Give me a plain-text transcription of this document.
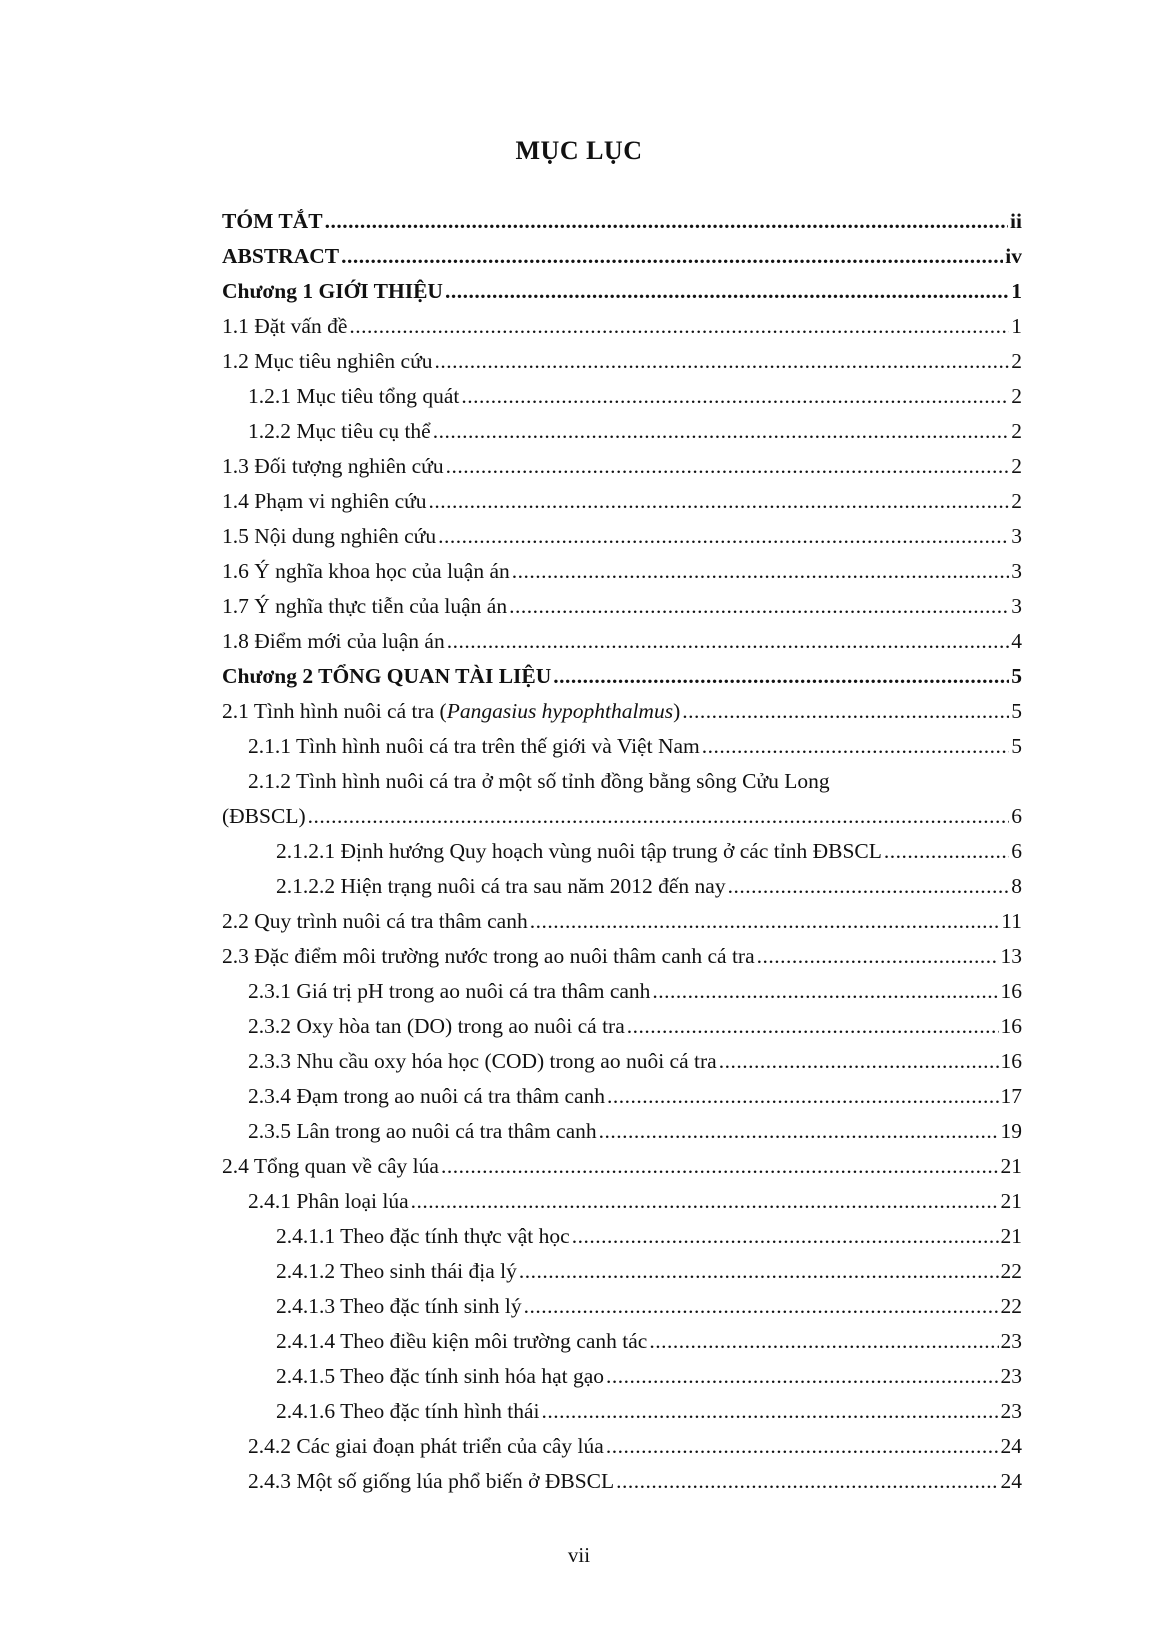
MỤC LỤC
TÓM TẮT .....	ii
ABSTRACT .....	iv
Chương 1 GIỚI THIỆU .....	1
1.1 Đặt vấn đề .....	1
1.2 Mục tiêu nghiên cứu .....	2
1.2.1 Mục tiêu tổng quát .....	2
1.2.2 Mục tiêu cụ thể .....	2
1.3 Đối tượng nghiên cứu .....	2
1.4 Phạm vi nghiên cứu .....	2
1.5 Nội dung nghiên cứu .....	3
1.6 Ý nghĩa khoa học của luận án .....	3
1.7 Ý nghĩa thực tiễn của luận án .....	3
1.8 Điểm mới của luận án .....	4
Chương 2 TỔNG QUAN TÀI LIỆU .....	5
2.1 Tình hình nuôi cá tra (Pangasius hypophthalmus) .....	5
2.1.1 Tình hình nuôi cá tra trên thế giới và Việt Nam .....	5
2.1.2 Tình hình nuôi cá tra ở một số tỉnh đồng bằng sông Cửu Long
(ĐBSCL) .....	6
2.1.2.1 Định hướng Quy hoạch vùng nuôi tập trung ở các tỉnh ĐBSCL .....	6
2.1.2.2 Hiện trạng nuôi cá tra sau năm 2012 đến nay .....	8
2.2 Quy trình nuôi cá tra thâm canh .....	11
2.3 Đặc điểm môi trường nước trong ao nuôi thâm canh cá tra .....	13
2.3.1 Giá trị pH trong ao nuôi cá tra thâm canh .....	16
2.3.2 Oxy hòa tan (DO) trong ao nuôi cá tra .....	16
2.3.3 Nhu cầu oxy hóa học (COD) trong ao nuôi cá tra .....	16
2.3.4 Đạm trong ao nuôi cá tra thâm canh .....	17
2.3.5 Lân trong ao nuôi cá tra thâm canh .....	19
2.4 Tổng quan về cây lúa .....	21
2.4.1 Phân loại lúa .....	21
2.4.1.1 Theo đặc tính thực vật học .....	21
2.4.1.2 Theo sinh thái địa lý .....	22
2.4.1.3 Theo đặc tính sinh lý .....	22
2.4.1.4 Theo điều kiện môi trường canh tác .....	23
2.4.1.5 Theo đặc tính sinh hóa hạt gạo .....	23
2.4.1.6 Theo đặc tính hình thái .....	23
2.4.2 Các giai đoạn phát triển của cây lúa .....	24
2.4.3 Một số giống lúa phổ biến ở ĐBSCL .....	24
vii
